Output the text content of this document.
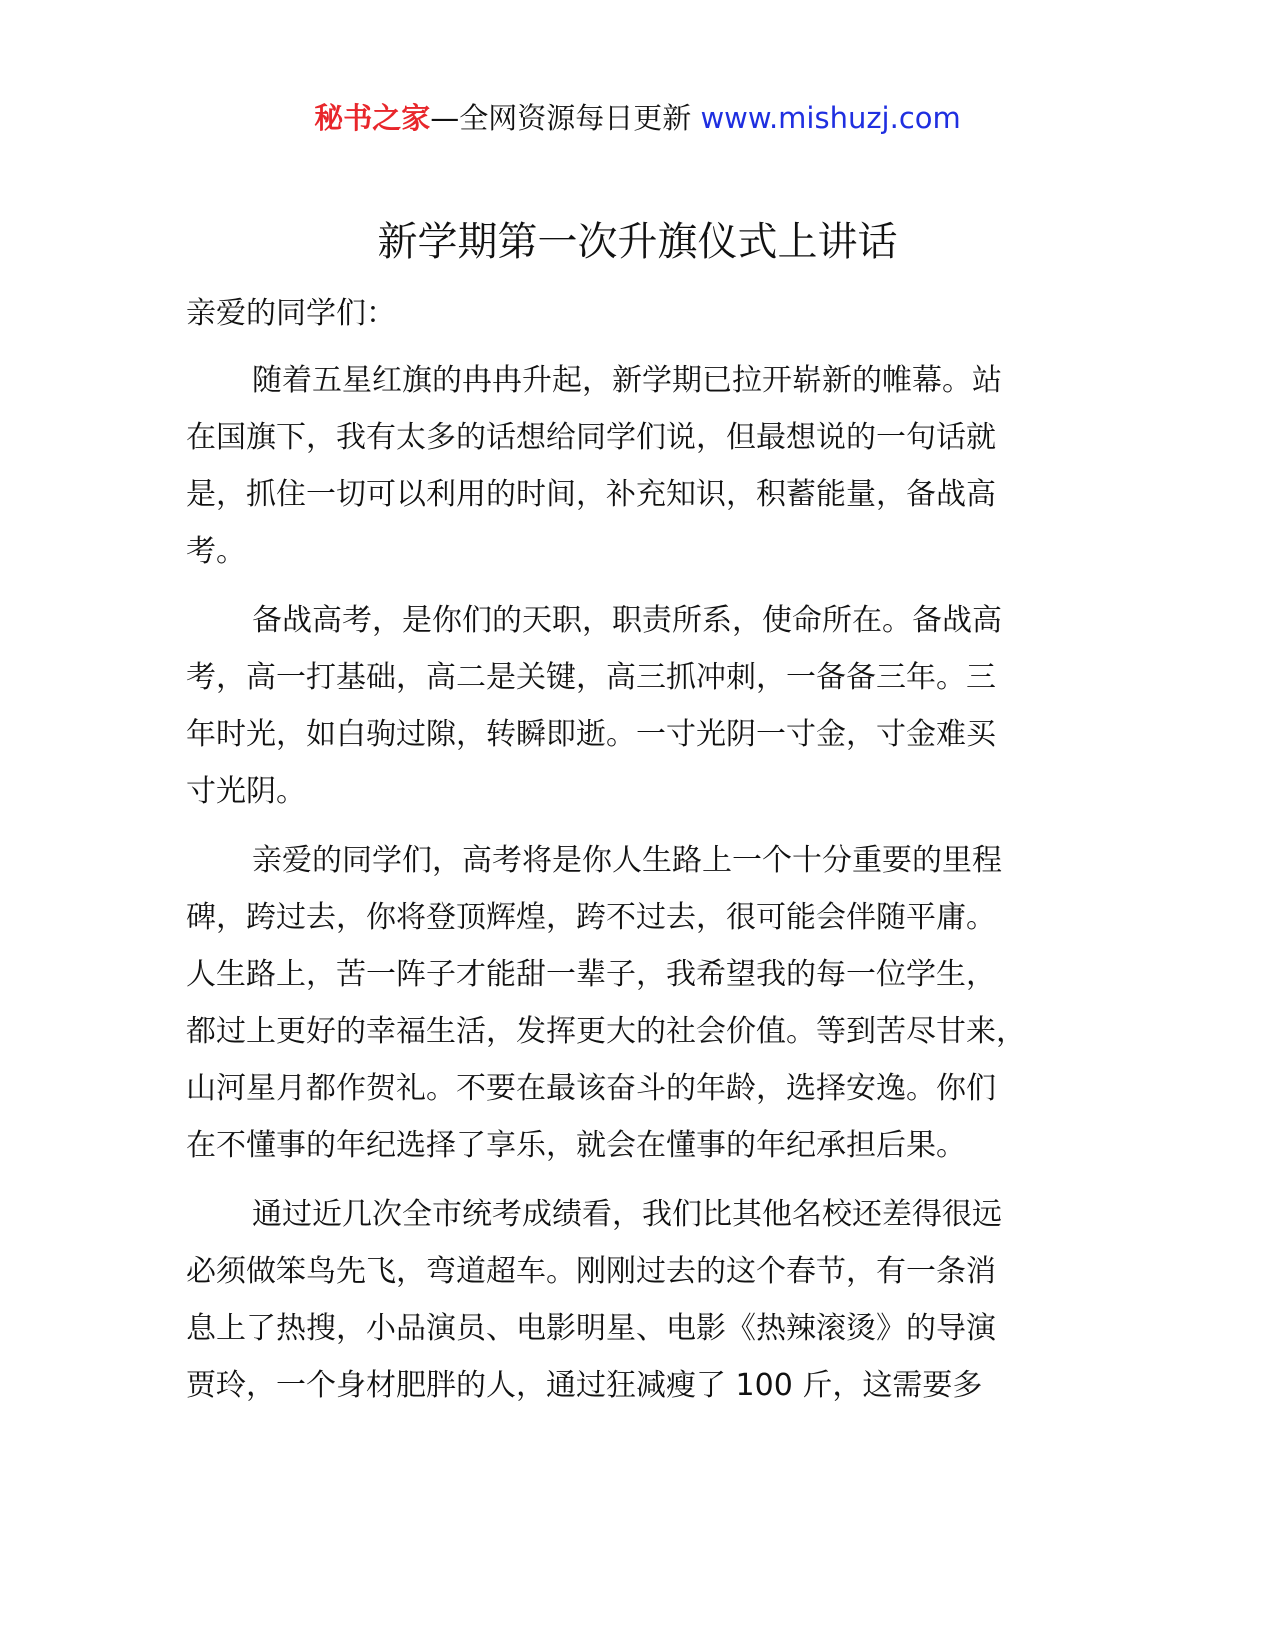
秘书之家—全网资源每日更新 www.mishuzj.com
新学期第一次升旗仪式上讲话

亲爱的同学们：

随着五星红旗的冉冉升起，新学期已拉开崭新的帷幕。站
在国旗下，我有太多的话想给同学们说，但最想说的一句话就
是，抓住一切可以利用的时间，补充知识，积蓄能量，备战高
考。
备战高考，是你们的天职，职责所系，使命所在。备战高
考，高一打基础，高二是关键，高三抓冲刺，一备备三年。三
年时光，如白驹过隙，转瞬即逝。一寸光阴一寸金，寸金难买
寸光阴。
亲爱的同学们，高考将是你人生路上一个十分重要的里程
碑，跨过去，你将登顶辉煌，跨不过去，很可能会伴随平庸。
人生路上，苦一阵子才能甜一辈子，我希望我的每一位学生，
都过上更好的幸福生活，发挥更大的社会价值。等到苦尽甘来，
山河星月都作贺礼。不要在最该奋斗的年龄，选择安逸。你们
在不懂事的年纪选择了享乐，就会在懂事的年纪承担后果。
通过近几次全市统考成绩看，我们比其他名校还差得很远
必须做笨鸟先飞，弯道超车。刚刚过去的这个春节，有一条消
息上了热搜，小品演员、电影明星、电影《热辣滚烫》的导演
贾玲，一个身材肥胖的人，通过狂减瘦了 100 斤，这需要多
